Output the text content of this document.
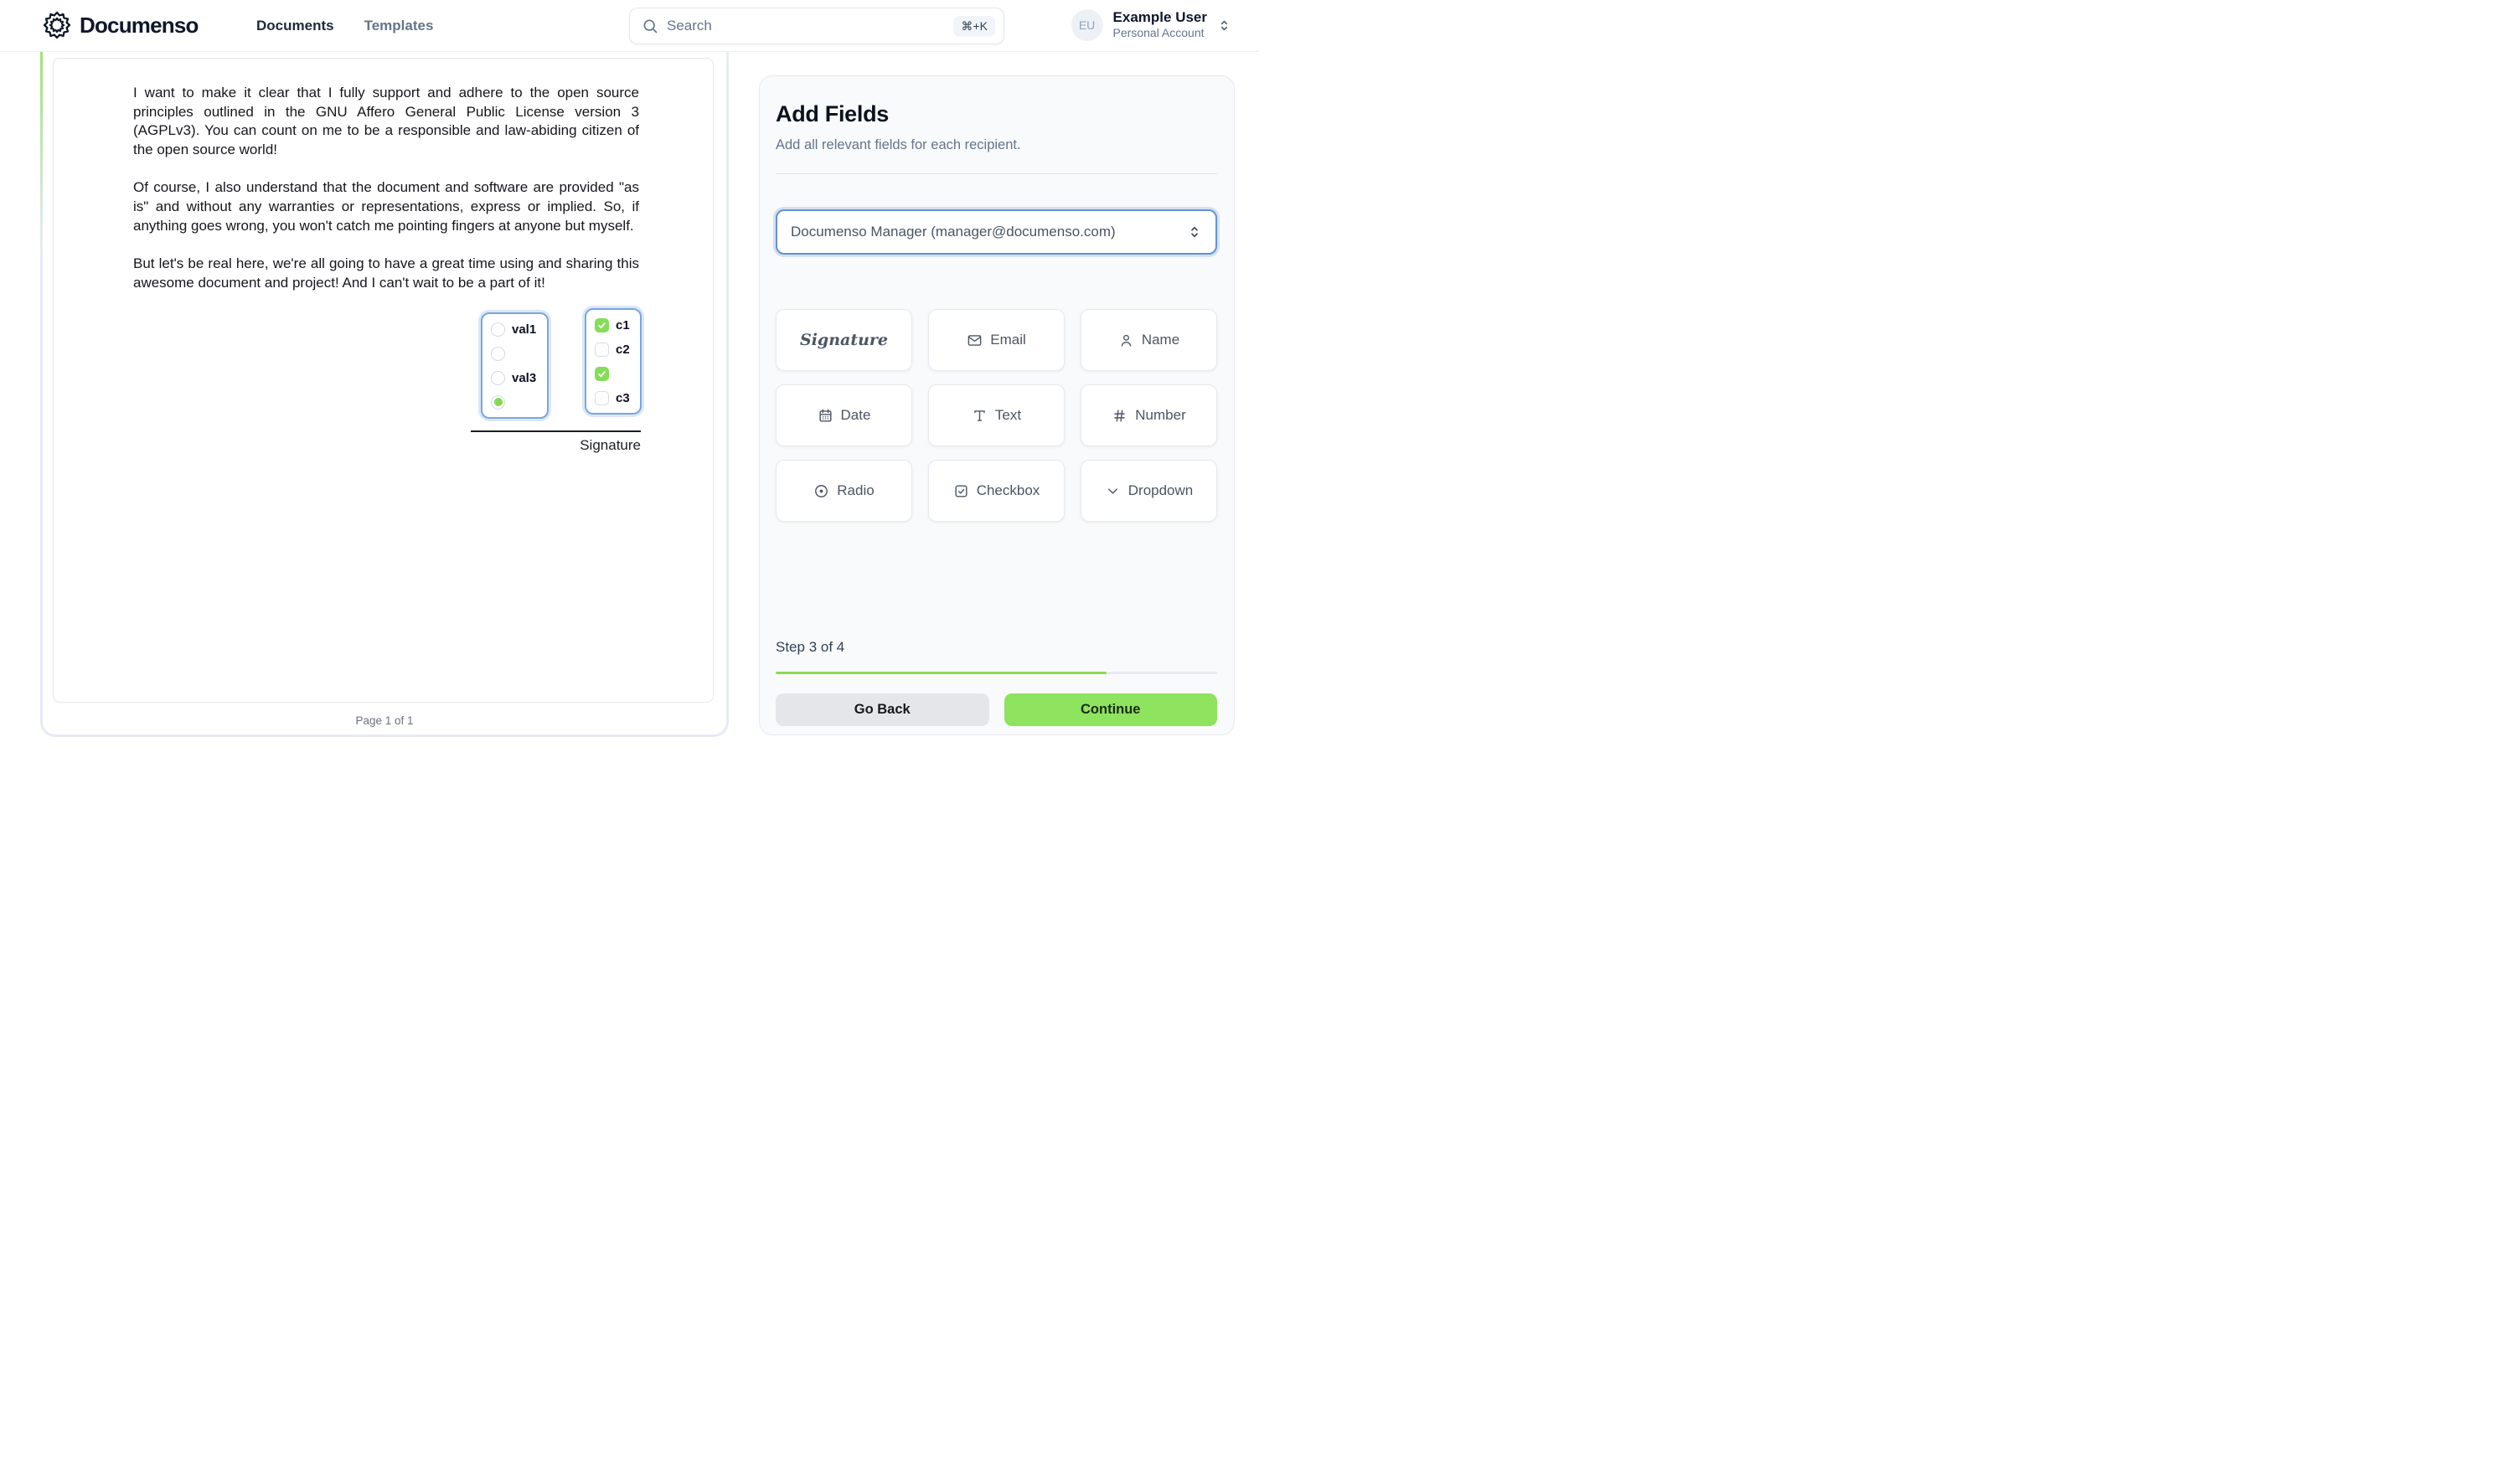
Documenso	Documents Templates	Search	⌘+K	EU	Example User
Personal Account

I want to make it clear that I fully support and adhere to the open source principles outlined in the GNU Affero General Public License version 3 (AGPLv3). You can count on me to be a responsible and law-abiding citizen of the open source world!

Of course, I also understand that the document and software are provided "as is" and without any warranties or representations, express or implied. So, if anything goes wrong, you won't catch me pointing fingers at anyone but myself.

But let's be real here, we're all going to have a great time using and sharing this awesome document and project! And I can't wait to be a part of it!

val1
val3
c1
c2
c3
Signature
Page 1 of 1
Add Fields

Add all relevant fields for each recipient.

Documenso Manager (manager@documenso.com)
Signature	Email	Name
Date	Text	Number
Radio	Checkbox	Dropdown
Step 3 of 4
Go Back	Continue
